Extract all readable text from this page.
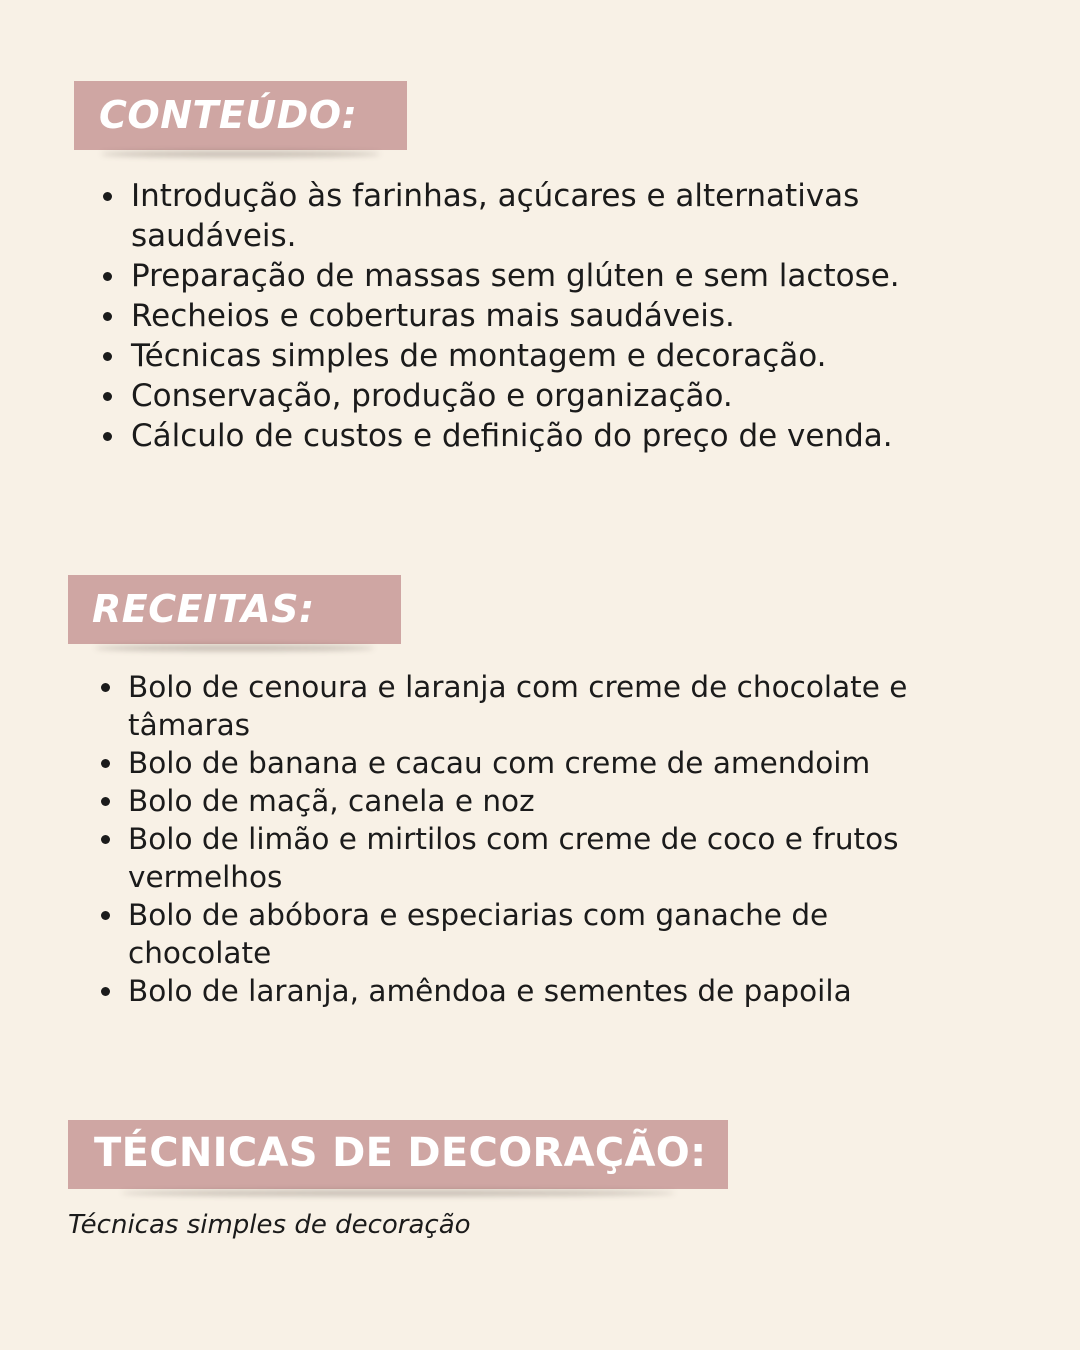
CONTEÚDO:
Introdução às farinhas, açúcares e alternativas saudáveis.
Preparação de massas sem glúten e sem lactose.
Recheios e coberturas mais saudáveis.
Técnicas simples de montagem e decoração.
Conservação, produção e organização.
Cálculo de custos e definição do preço de venda.
RECEITAS:
Bolo de cenoura e laranja com creme de chocolate e tâmaras
Bolo de banana e cacau com creme de amendoim
Bolo de maçã, canela e noz
Bolo de limão e mirtilos com creme de coco e frutos vermelhos
Bolo de abóbora e especiarias com ganache de chocolate
Bolo de laranja, amêndoa e sementes de papoila
TÉCNICAS DE DECORAÇÃO:
Técnicas simples de decoração
